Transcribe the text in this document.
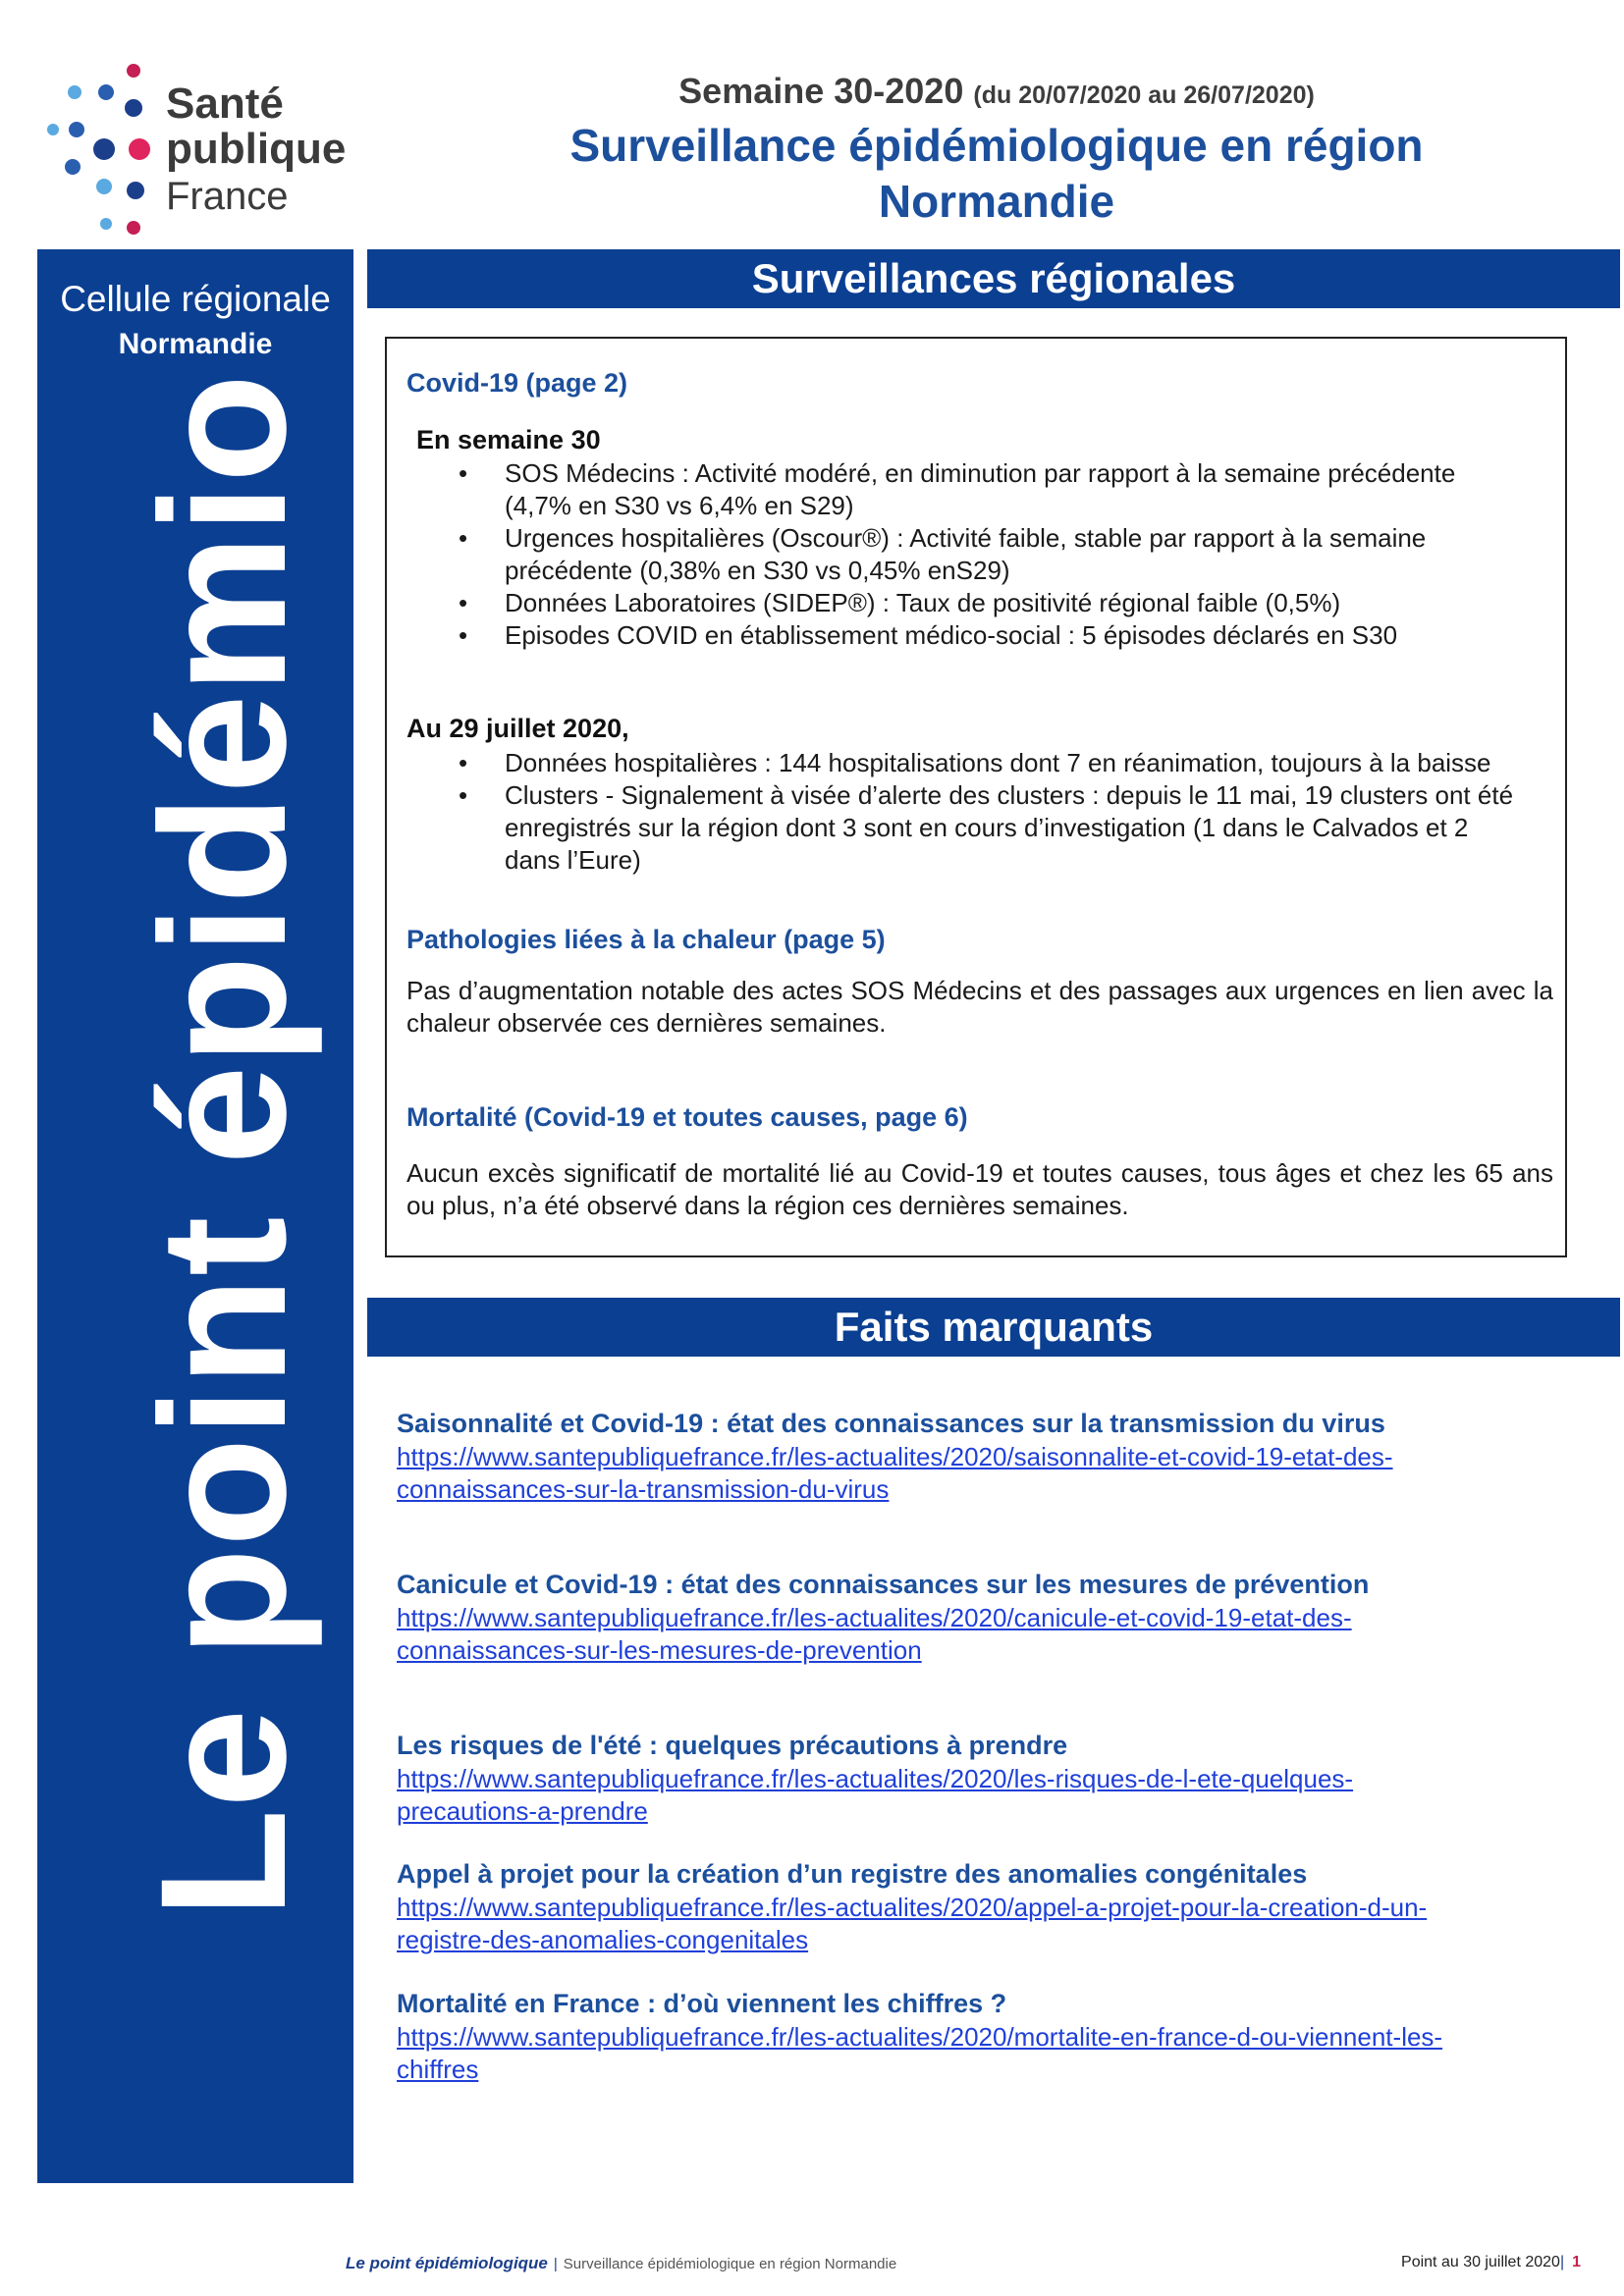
Santé
publique
France
Semaine 30-2020 (du 20/07/2020 au 26/07/2020)
Surveillance épidémiologique en région
Normandie
Cellule régionale
Normandie
Le point épidémio
Surveillances régionales
Covid-19 (page 2)
En semaine 30
• SOS Médecins : Activité modéré, en diminution par rapport à la semaine précédente (4,7% en S30 vs 6,4% en S29)
• Urgences hospitalières (Oscour®) : Activité faible, stable par rapport à la semaine précédente (0,38% en S30 vs 0,45% enS29)
• Données Laboratoires (SIDEP®) : Taux de positivité régional faible (0,5%)
• Episodes COVID en établissement médico-social : 5 épisodes déclarés en S30
Au 29 juillet 2020,
• Données hospitalières : 144 hospitalisations dont 7 en réanimation, toujours à la baisse
• Clusters - Signalement à visée d’alerte des clusters : depuis le 11 mai, 19 clusters ont été enregistrés sur la région dont 3 sont en cours d’investigation (1 dans le Calvados et 2 dans l’Eure)
Pathologies liées à la chaleur (page 5)
Pas d’augmentation notable des actes SOS Médecins et des passages aux urgences en lien avec la chaleur observée ces dernières semaines.
Mortalité (Covid-19 et toutes causes, page 6)
Aucun excès significatif de mortalité lié au Covid-19 et toutes causes, tous âges et chez les 65 ans ou plus, n’a été observé dans la région ces dernières semaines.
Faits marquants
Saisonnalité et Covid-19 : état des connaissances sur la transmission du virus
https://www.santepubliquefrance.fr/les-actualites/2020/saisonnalite-et-covid-19-etat-des-
connaissances-sur-la-transmission-du-virus
Canicule et Covid-19 : état des connaissances sur les mesures de prévention
https://www.santepubliquefrance.fr/les-actualites/2020/canicule-et-covid-19-etat-des-
connaissances-sur-les-mesures-de-prevention
Les risques de l'été : quelques précautions à prendre
https://www.santepubliquefrance.fr/les-actualites/2020/les-risques-de-l-ete-quelques-
precautions-a-prendre
Appel à projet pour la création d’un registre des anomalies congénitales
https://www.santepubliquefrance.fr/les-actualites/2020/appel-a-projet-pour-la-creation-d-un-
registre-des-anomalies-congenitales
Mortalité en France : d’où viennent les chiffres ?
https://www.santepubliquefrance.fr/les-actualites/2020/mortalite-en-france-d-ou-viennent-les-
chiffres
Le point épidémiologique | Surveillance épidémiologique en région Normandie	Point au 30 juillet 2020| 1
